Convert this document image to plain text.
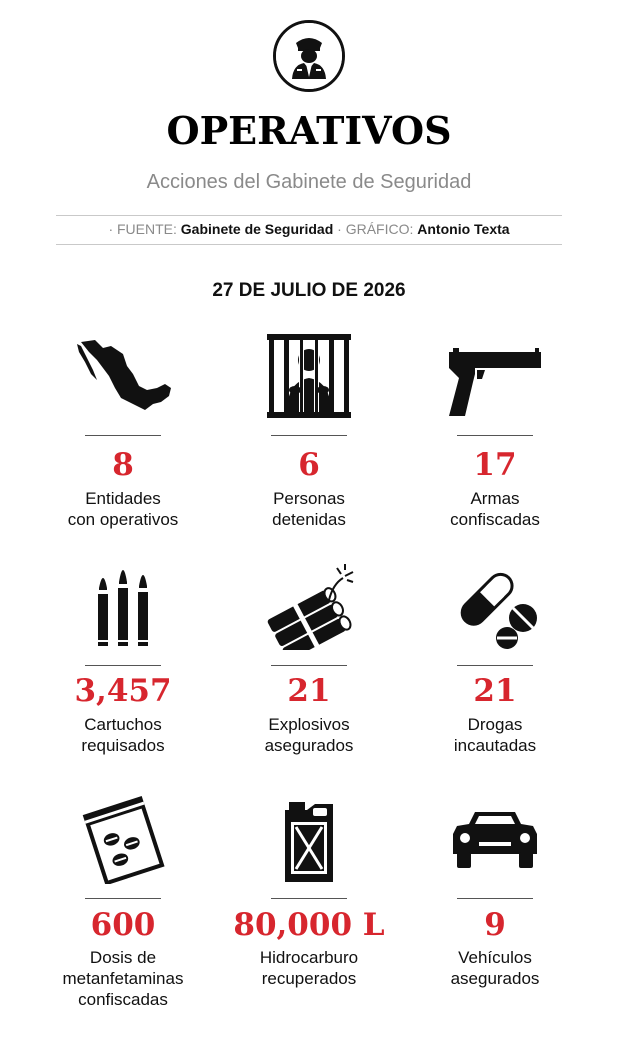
OPERATIVOS
Acciones del Gabinete de Seguridad
· FUENTE: Gabinete de Seguridad · GRÁFICO: Antonio Texta
27 DE JULIO DE 2026
8
Entidades
con operativos
6
Personas
detenidas
17
Armas
confiscadas
3,457
Cartuchos
requisados
21
Explosivos
asegurados
21
Drogas
incautadas
600
Dosis de
metanfetaminas
confiscadas
80,000 L
Hidrocarburo
recuperados
9
Vehículos
asegurados
